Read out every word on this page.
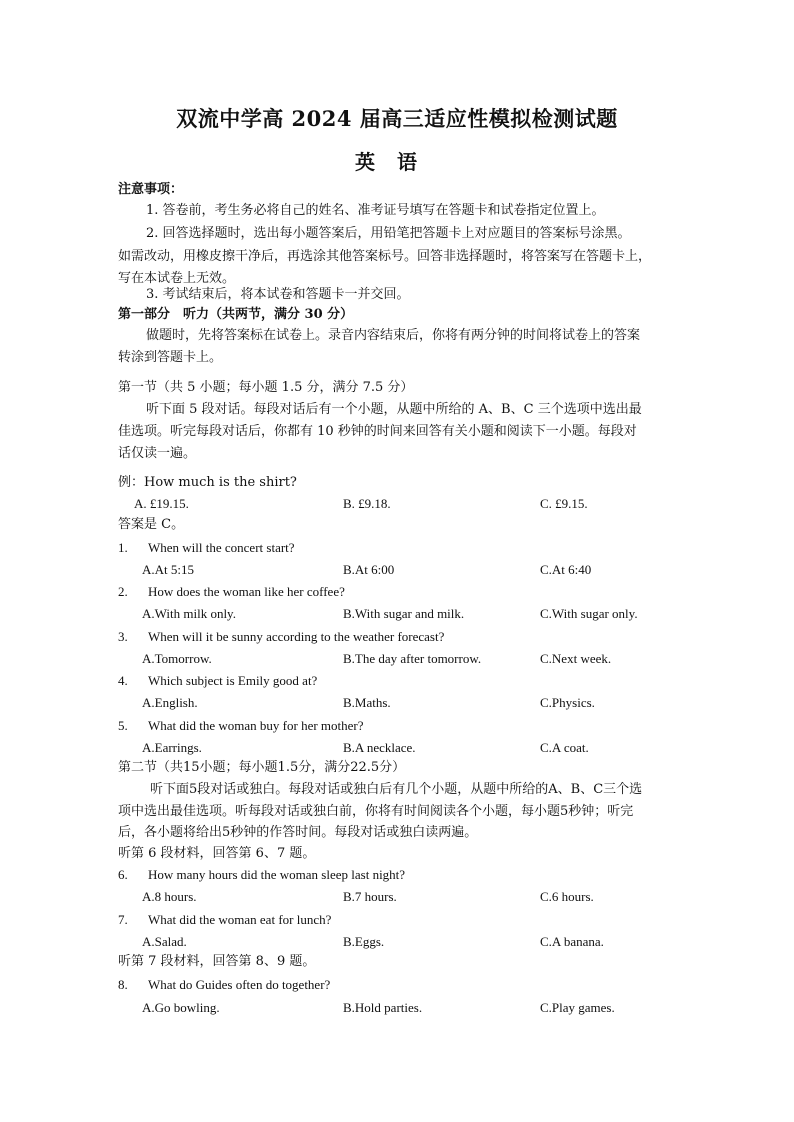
双流中学高 2024 届高三适应性模拟检测试题
英语
注意事项：
1. 答卷前，考生务必将自己的姓名、准考证号填写在答题卡和试卷指定位置上。
2. 回答选择题时，选出每小题答案后，用铅笔把答题卡上对应题目的答案标号涂黑。
如需改动，用橡皮擦干净后，再选涂其他答案标号。回答非选择题时，将答案写在答题卡上，
写在本试卷上无效。
3. 考试结束后，将本试卷和答题卡一并交回。
第一部分　听力（共两节，满分 30 分）
做题时，先将答案标在试卷上。录音内容结束后，你将有两分钟的时间将试卷上的答案
转涂到答题卡上。
第一节（共 5 小题；每小题 1.5 分，满分 7.5 分）
听下面 5 段对话。每段对话后有一个小题，从题中所给的 A、B、C 三个选项中选出最
佳选项。听完每段对话后，你都有 10 秒钟的时间来回答有关小题和阅读下一小题。每段对
话仅读一遍。
例：How much is the shirt?
A. £19.15.	B. £9.18.	C. £9.15.
答案是 C。
1. When will the concert start?
A.At 5:15	B.At 6:00	C.At 6:40
2. How does the woman like her coffee?
A.With milk only.	B.With sugar and milk.	C.With sugar only.
3. When will it be sunny according to the weather forecast?
A.Tomorrow.	B.The day after tomorrow.	C.Next week.
4. Which subject is Emily good at?
A.English.	B.Maths.	C.Physics.
5. What did the woman buy for her mother?
A.Earrings.	B.A necklace.	C.A coat.
第二节（共15小题；每小题1.5分，满分22.5分）
听下面5段对话或独白。每段对话或独白后有几个小题，从题中所给的A、B、C三个选
项中选出最佳选项。听每段对话或独白前，你将有时间阅读各个小题，每小题5秒钟；听完
后，各小题将给出5秒钟的作答时间。每段对话或独白读两遍。
听第 6 段材料，回答第 6、7 题。
6. How many hours did the woman sleep last night?
A.8 hours.	B.7 hours.	C.6 hours.
7. What did the woman eat for lunch?
A.Salad.	B.Eggs.	C.A banana.
听第 7 段材料，回答第 8、9 题。
8. What do Guides often do together?
A.Go bowling.	B.Hold parties.	C.Play games.
